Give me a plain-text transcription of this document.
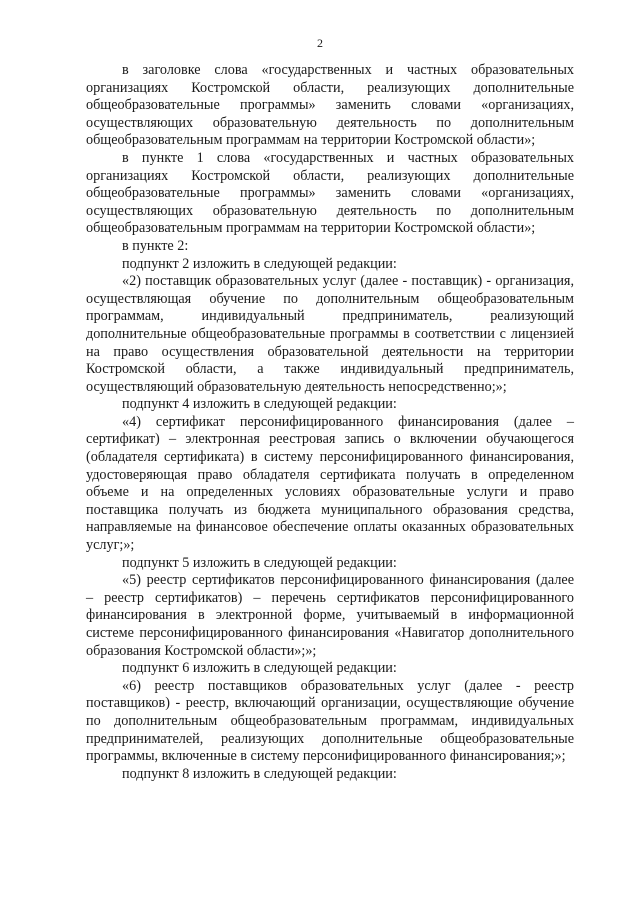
2

в заголовке слова «государственных и частных образовательных организациях Костромской области, реализующих дополнительные общеобразовательные программы» заменить словами «организациях, осуществляющих образовательную деятельность по дополнительным общеобразовательным программам на территории Костромской области»;

в пункте 1 слова «государственных и частных образовательных организациях Костромской области, реализующих дополнительные общеобразовательные программы» заменить словами «организациях, осуществляющих образовательную деятельность по дополнительным общеобразовательным программам на территории Костромской области»;

в пункте 2:

подпункт 2 изложить в следующей редакции:

«2) поставщик образовательных услуг (далее - поставщик) - организация, осуществляющая обучение по дополнительным общеобразовательным программам, индивидуальный предприниматель, реализующий дополнительные общеобразовательные программы в соответствии с лицензией на право осуществления образовательной деятельности на территории Костромской области, а также индивидуальный предприниматель, осуществляющий образовательную деятельность непосредственно;»;

подпункт 4 изложить в следующей редакции:

«4) сертификат персонифицированного финансирования (далее – сертификат) – электронная реестровая запись о включении обучающегося (обладателя сертификата) в систему персонифицированного финансирования, удостоверяющая право обладателя сертификата получать в определенном объеме и на определенных условиях образовательные услуги и право поставщика получать из бюджета муниципального образования средства, направляемые на финансовое обеспечение оплаты оказанных образовательных услуг;»;

подпункт 5 изложить в следующей редакции:

«5) реестр сертификатов персонифицированного финансирования (далее – реестр сертификатов) – перечень сертификатов персонифицированного финансирования в электронной форме, учитываемый в информационной системе персонифицированного финансирования «Навигатор дополнительного образования Костромской области»;»;

подпункт 6 изложить в следующей редакции:

«6) реестр поставщиков образовательных услуг (далее - реестр поставщиков) - реестр, включающий организации, осуществляющие обучение по дополнительным общеобразовательным программам, индивидуальных предпринимателей, реализующих дополнительные общеобразовательные программы, включенные в систему персонифицированного финансирования;»;

подпункт 8 изложить в следующей редакции:
